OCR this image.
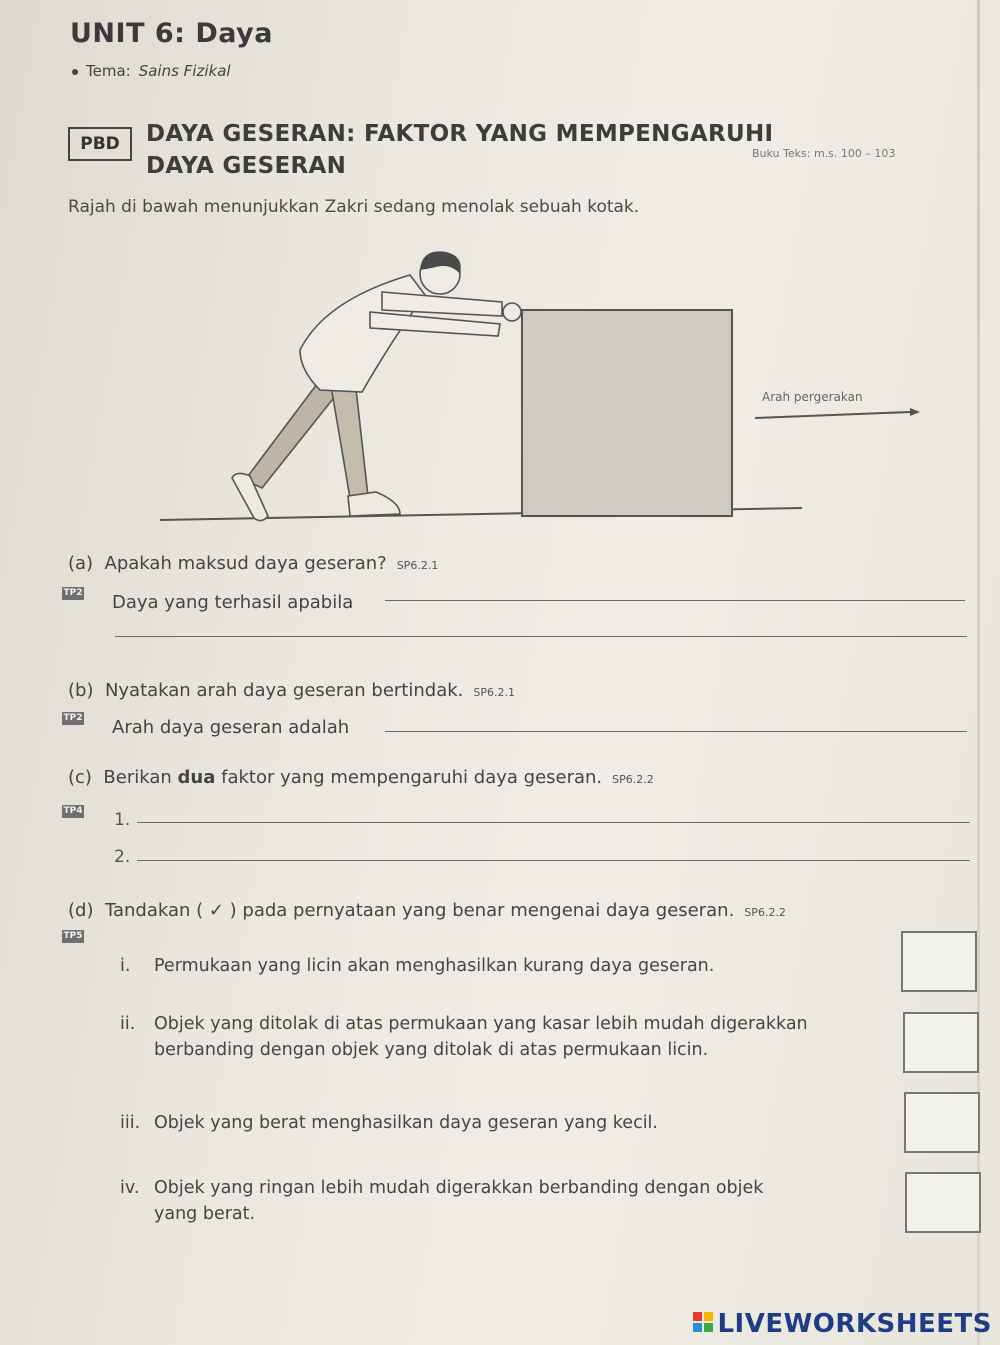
UNIT 6: Daya
Tema: Sains Fizikal
PBD	DAYA GESERAN: FAKTOR YANG MEMPENGARUHI
DAYA GESERAN	Buku Teks: m.s. 100 – 103
Rajah di bawah menunjukkan Zakri sedang menolak sebuah kotak.
Arah pergerakan
(a) Apakah maksud daya geseran? SP6.2.1
TP2 Daya yang terhasil apabila
(b) Nyatakan arah daya geseran bertindak. SP6.2.1
TP2 Arah daya geseran adalah
(c) Berikan dua faktor yang mempengaruhi daya geseran. SP6.2.2
TP4 1.
2.
(d) Tandakan ( ✓ ) pada pernyataan yang benar mengenai daya geseran. SP6.2.2
TP5
i. Permukaan yang licin akan menghasilkan kurang daya geseran.
ii. Objek yang ditolak di atas permukaan yang kasar lebih mudah digerakkan
berbanding dengan objek yang ditolak di atas permukaan licin.
iii. Objek yang berat menghasilkan daya geseran yang kecil.
iv. Objek yang ringan lebih mudah digerakkan berbanding dengan objek
yang berat.
LIVEWORKSHEETS
